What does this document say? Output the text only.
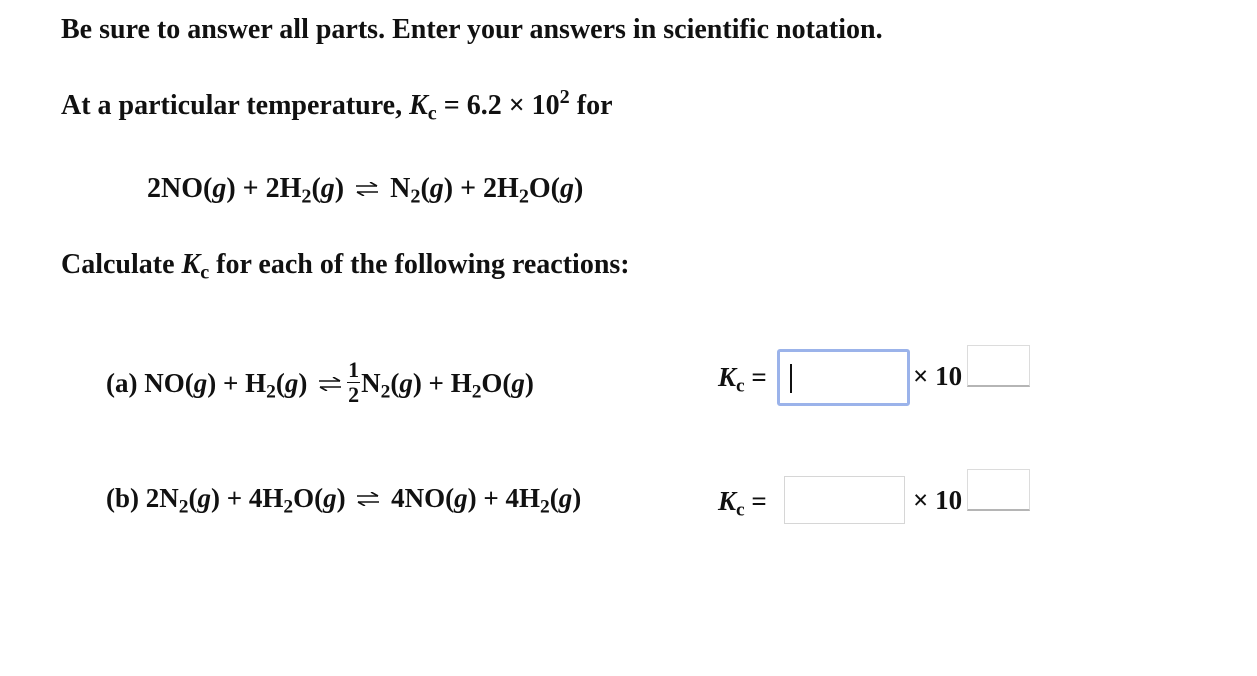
Be sure to answer all parts. Enter your answers in scientific notation.
At a particular temperature, $K_c = 6.2 \times 10^2$ for
$2NO(g) + 2H_2(g)$ ⇌ $N_2(g) + 2H_2O(g)$
Calculate $K_c$ for each of the following reactions:
(a) $NO(g) + H_2(g)$ ⇌ $\frac{1}{2} N_2(g) + H_2O(g)$	$K_c$ =	× 10
(b) $2N_2(g) + 4H_2O(g)$ ⇌ $4NO(g) + 4H_2(g)$	$K_c$ =	× 10
